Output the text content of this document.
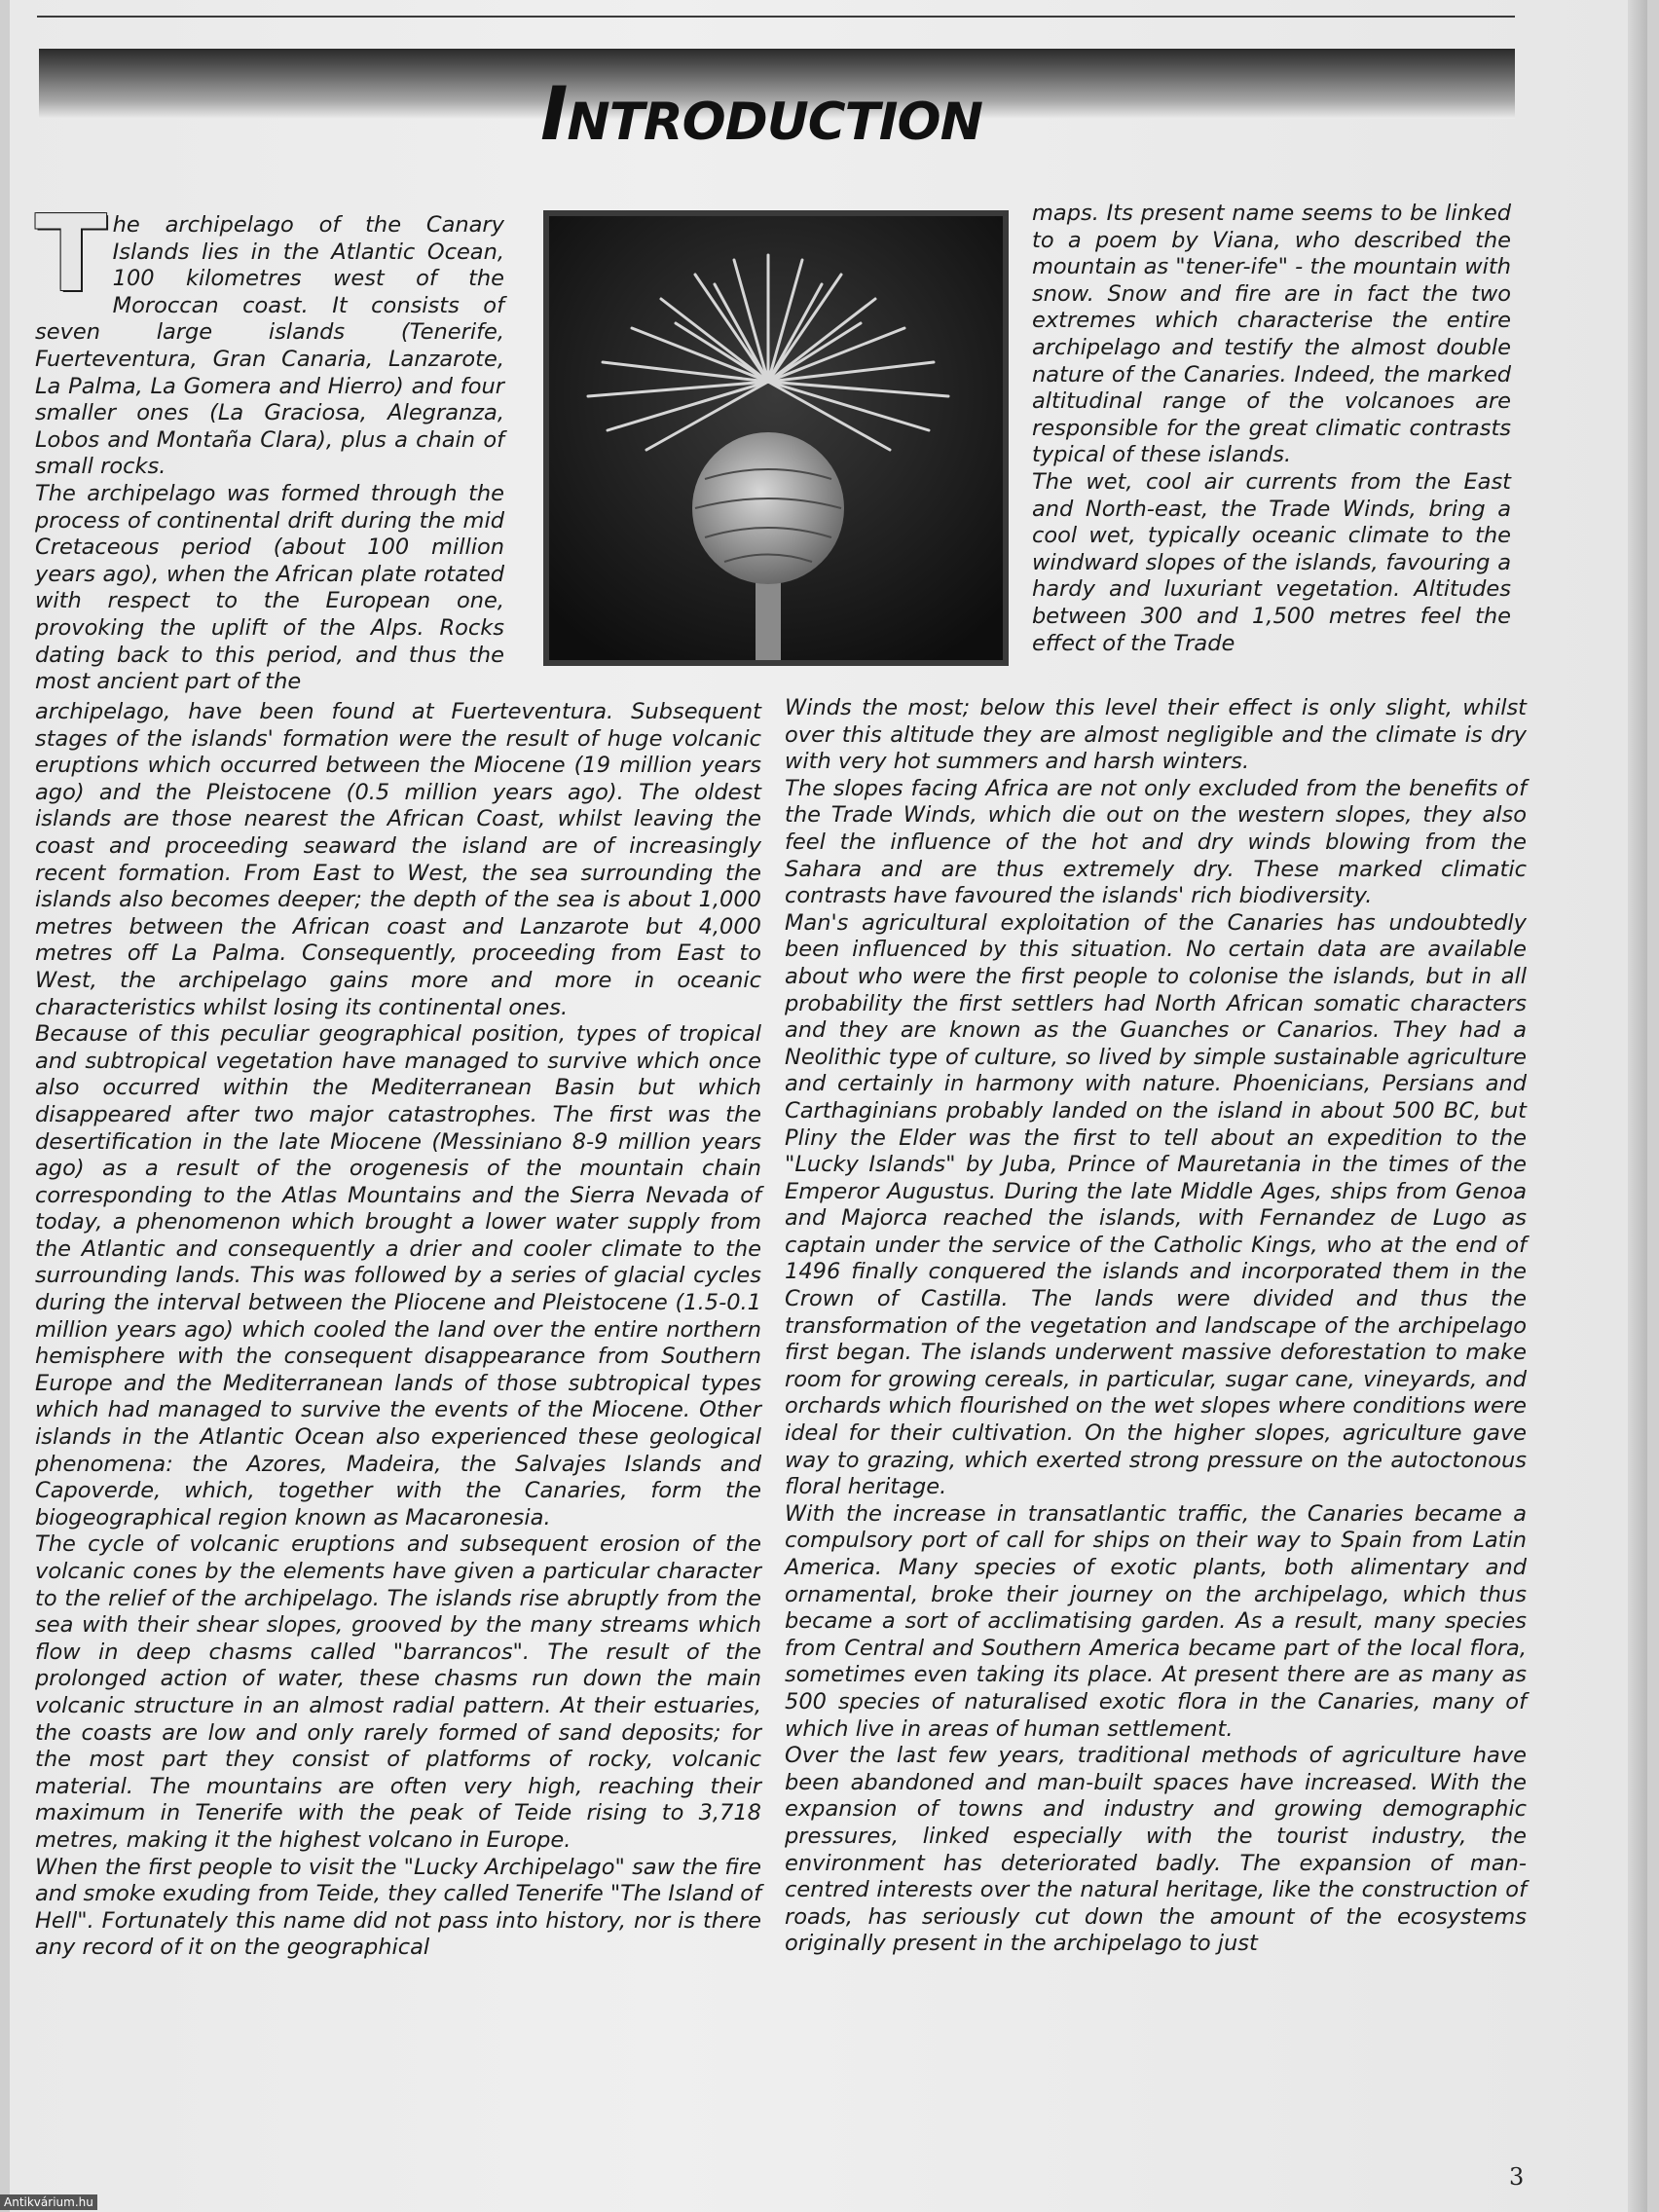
Introduction

The archipelago of the Canary Islands lies in the Atlantic Ocean, 100 kilometres west of the Moroccan coast. It consists of seven large islands (Tenerife, Fuerteventura, Gran Canaria, Lanzarote, La Palma, La Gomera and Hierro) and four smaller ones (La Graciosa, Alegranza, Lobos and Montaña Clara), plus a chain of small rocks.

The archipelago was formed through the process of continental drift during the mid Cretaceous period (about 100 million years ago), when the African plate rotated with respect to the European one, provoking the uplift of the Alps. Rocks dating back to this period, and thus the most ancient part of the

archipelago, have been found at Fuerteventura. Subsequent stages of the islands' formation were the result of huge volcanic eruptions which occurred between the Miocene (19 million years ago) and the Pleistocene (0.5 million years ago). The oldest islands are those nearest the African Coast, whilst leaving the coast and proceeding seaward the island are of increasingly recent formation. From East to West, the sea surrounding the islands also becomes deeper; the depth of the sea is about 1,000 metres between the African coast and Lanzarote but 4,000 metres off La Palma. Consequently, proceeding from East to West, the archipelago gains more and more in oceanic characteristics whilst losing its continental ones.

Because of this peculiar geographical position, types of tropical and subtropical vegetation have managed to survive which once also occurred within the Mediterranean Basin but which disappeared after two major catastrophes. The first was the desertification in the late Miocene (Messiniano 8-9 million years ago) as a result of the orogenesis of the mountain chain corresponding to the Atlas Mountains and the Sierra Nevada of today, a phenomenon which brought a lower water supply from the Atlantic and consequently a drier and cooler climate to the surrounding lands. This was followed by a series of glacial cycles during the interval between the Pliocene and Pleistocene (1.5-0.1 million years ago) which cooled the land over the entire northern hemisphere with the consequent disappearance from Southern Europe and the Mediterranean lands of those subtropical types which had managed to survive the events of the Miocene. Other islands in the Atlantic Ocean also experienced these geological phenomena: the Azores, Madeira, the Salvajes Islands and Capoverde, which, together with the Canaries, form the biogeographical region known as Macaronesia.

The cycle of volcanic eruptions and subsequent erosion of the volcanic cones by the elements have given a particular character to the relief of the archipelago. The islands rise abruptly from the sea with their shear slopes, grooved by the many streams which flow in deep chasms called "barrancos". The result of the prolonged action of water, these chasms run down the main volcanic structure in an almost radial pattern. At their estuaries, the coasts are low and only rarely formed of sand deposits; for the most part they consist of platforms of rocky, volcanic material. The mountains are often very high, reaching their maximum in Tenerife with the peak of Teide rising to 3,718 metres, making it the highest volcano in Europe.

When the first people to visit the "Lucky Archipelago" saw the fire and smoke exuding from Teide, they called Tenerife "The Island of Hell". Fortunately this name did not pass into history, nor is there any record of it on the geographical

maps. Its present name seems to be linked to a poem by Viana, who described the mountain as "tener-ife" - the mountain with snow. Snow and fire are in fact the two extremes which characterise the entire archipelago and testify the almost double nature of the Canaries. Indeed, the marked altitudinal range of the volcanoes are responsible for the great climatic contrasts typical of these islands.

The wet, cool air currents from the East and North-east, the Trade Winds, bring a cool wet, typically oceanic climate to the windward slopes of the islands, favouring a hardy and luxuriant vegetation. Altitudes between 300 and 1,500 metres feel the effect of the Trade

Winds the most; below this level their effect is only slight, whilst over this altitude they are almost negligible and the climate is dry with very hot summers and harsh winters.

The slopes facing Africa are not only excluded from the benefits of the Trade Winds, which die out on the western slopes, they also feel the influence of the hot and dry winds blowing from the Sahara and are thus extremely dry. These marked climatic contrasts have favoured the islands' rich biodiversity.

Man's agricultural exploitation of the Canaries has undoubtedly been influenced by this situation. No certain data are available about who were the first people to colonise the islands, but in all probability the first settlers had North African somatic characters and they are known as the Guanches or Canarios. They had a Neolithic type of culture, so lived by simple sustainable agriculture and certainly in harmony with nature. Phoenicians, Persians and Carthaginians probably landed on the island in about 500 BC, but Pliny the Elder was the first to tell about an expedition to the "Lucky Islands" by Juba, Prince of Mauretania in the times of the Emperor Augustus. During the late Middle Ages, ships from Genoa and Majorca reached the islands, with Fernandez de Lugo as captain under the service of the Catholic Kings, who at the end of 1496 finally conquered the islands and incorporated them in the Crown of Castilla. The lands were divided and thus the transformation of the vegetation and landscape of the archipelago first began. The islands underwent massive deforestation to make room for growing cereals, in particular, sugar cane, vineyards, and orchards which flourished on the wet slopes where conditions were ideal for their cultivation. On the higher slopes, agriculture gave way to grazing, which exerted strong pressure on the autoctonous floral heritage.

With the increase in transatlantic traffic, the Canaries became a compulsory port of call for ships on their way to Spain from Latin America. Many species of exotic plants, both alimentary and ornamental, broke their journey on the archipelago, which thus became a sort of acclimatising garden. As a result, many species from Central and Southern America became part of the local flora, sometimes even taking its place. At present there are as many as 500 species of naturalised exotic flora in the Canaries, many of which live in areas of human settlement.

Over the last few years, traditional methods of agriculture have been abandoned and man-built spaces have increased. With the expansion of towns and industry and growing demographic pressures, linked especially with the tourist industry, the environment has deteriorated badly. The expansion of man-centred interests over the natural heritage, like the construction of roads, has seriously cut down the amount of the ecosystems originally present in the archipelago to just

3
Antikvárium.hu
